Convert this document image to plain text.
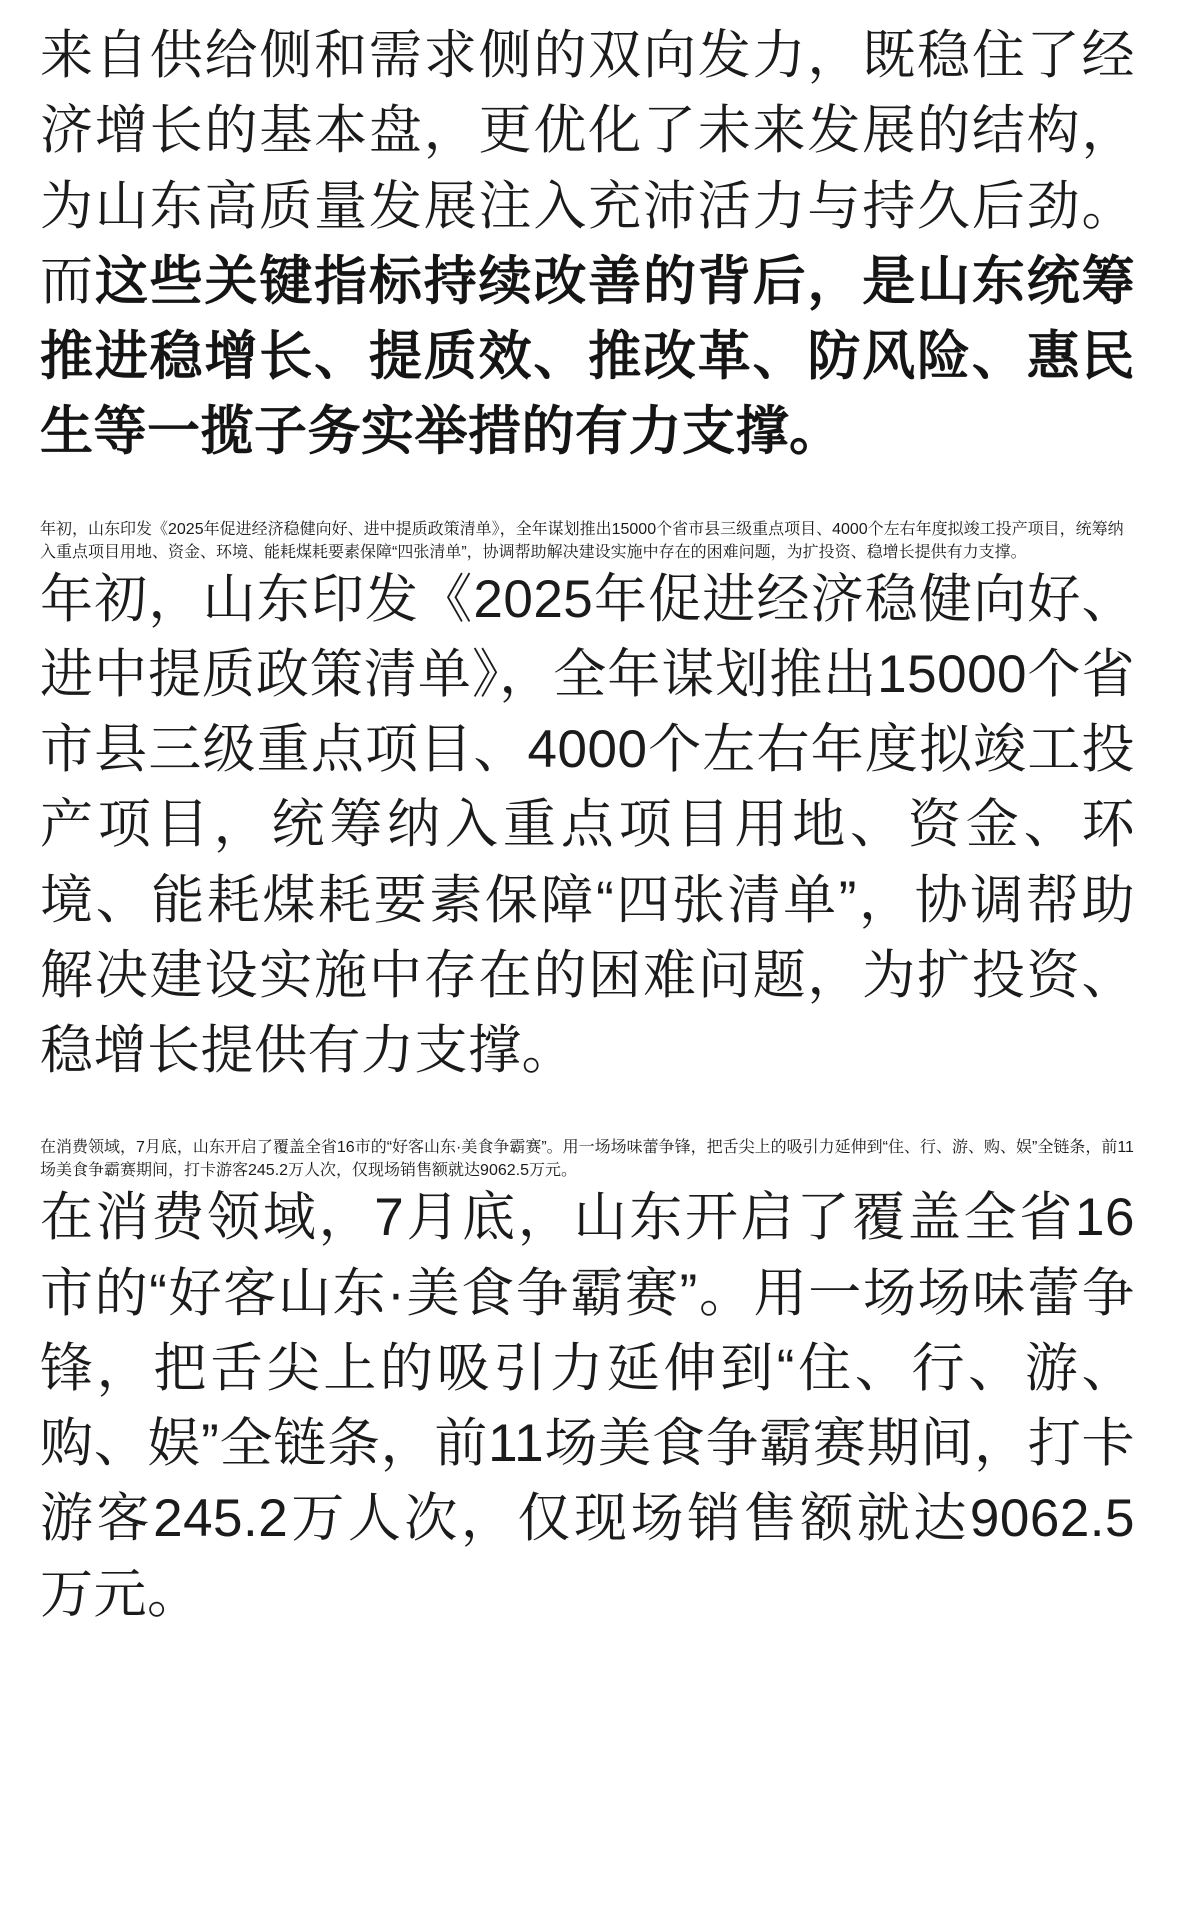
来自供给侧和需求侧的双向发力，既稳住了经济增长的基本盘，更优化了未来发展的结构，为山东高质量发展注入充沛活力与持久后劲。而这些关键指标持续改善的背后，是山东统筹推进稳增长、提质效、推改革、防风险、惠民生等一揽子务实举措的有力支撑。

年初，山东印发《2025年促进经济稳健向好、进中提质政策清单》，全年谋划推出15000个省市县三级重点项目、4000个左右年度拟竣工投产项目，统筹纳入重点项目用地、资金、环境、能耗煤耗要素保障“四张清单”，协调帮助解决建设实施中存在的困难问题，为扩投资、稳增长提供有力支撑。

年初，山东印发《2025年促进经济稳健向好、进中提质政策清单》，全年谋划推出15000个省市县三级重点项目、4000个左右年度拟竣工投产项目，统筹纳入重点项目用地、资金、环境、能耗煤耗要素保障“四张清单”，协调帮助解决建设实施中存在的困难问题，为扩投资、稳增长提供有力支撑。

在消费领域，7月底，山东开启了覆盖全省16市的“好客山东·美食争霸赛”。用一场场味蕾争锋，把舌尖上的吸引力延伸到“住、行、游、购、娱”全链条，前11场美食争霸赛期间，打卡游客245.2万人次，仅现场销售额就达9062.5万元。

在消费领域，7月底，山东开启了覆盖全省16市的“好客山东·美食争霸赛”。用一场场味蕾争锋，把舌尖上的吸引力延伸到“住、行、游、购、娱”全链条，前11场美食争霸赛期间，打卡游客245.2万人次，仅现场销售额就达9062.5万元。
